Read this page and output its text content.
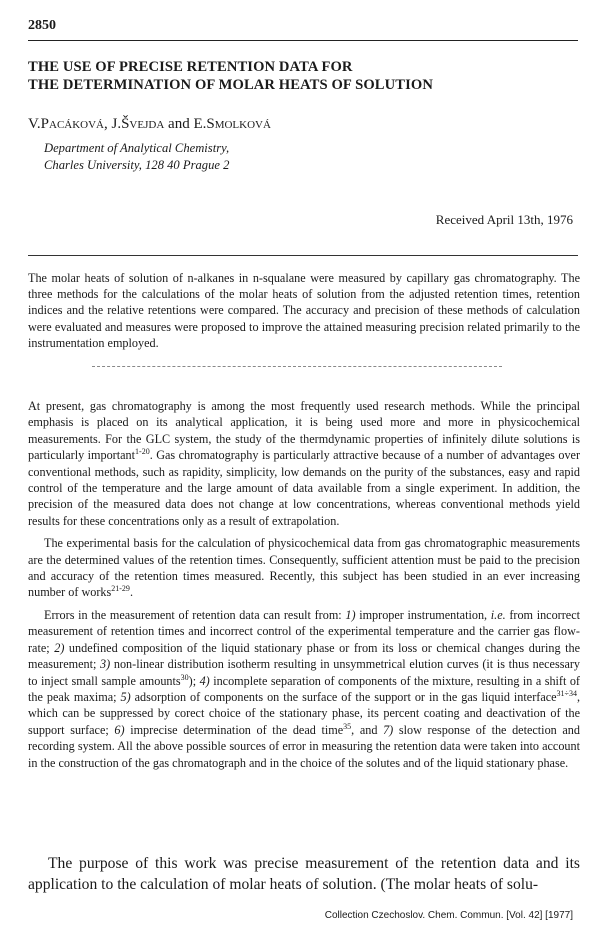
2850
THE USE OF PRECISE RETENTION DATA FOR
THE DETERMINATION OF MOLAR HEATS OF SOLUTION
V.Pacáková, J.Švejda and E.Smolková
Department of Analytical Chemistry,
Charles University, 128 40 Prague 2
Received April 13th, 1976
The molar heats of solution of n-alkanes in n-squalane were measured by capillary gas chromatography. The three methods for the calculations of the molar heats of solution from the adjusted retention times, retention indices and the relative retentions were compared. The accuracy and precision of these methods of calculation were evaluated and measures were proposed to improve the attained measuring precision related primarily to the instrumentation employed.

At present, gas chromatography is among the most frequently used research methods. While the principal emphasis is placed on its analytical application, it is being used more and more in physicochemical measurements. For the GLC system, the study of the thermdynamic properties of infinitely dilute solutions is particularly important$^{1-20}$. Gas chromatography is particularly attractive because of a number of advantages over conventional methods, such as rapidity, simplicity, low demands on the purity of the substances, easy and rapid control of the temperature and the large amount of data available from a single experiment. In addition, the precision of the measured data does not change at low concentrations, whereas conventional methods yield results for these concentrations only as a result of extrapolation.

The experimental basis for the calculation of physicochemical data from gas chromatographic measurements are the determined values of the retention times. Consequently, sufficient attention must be paid to the precision and accuracy of the retention times measured. Recently, this subject has been studied in an ever increasing number of works$^{21-29}$.

Errors in the measurement of retention data can result from: 1) improper instrumentation, i.e. from incorrect measurement of retention times and incorrect control of the experimental temperature and the carrier gas flow-rate; 2) undefined composition of the liquid stationary phase or from its loss or chemical changes during the measurement; 3) non-linear distribution isotherm resulting in unsymmetrical elution curves (it is thus necessary to inject small sample amounts$^{30}$); 4) incomplete separation of components of the mixture, resulting in a shift of the peak maxima; 5) adsorption of components on the surface of the support or in the gas liquid interface$^{31\div 34}$, which can be suppressed by corect choice of the stationary phase, its percent coating and deactivation of the support surface; 6) imprecise determination of the dead time$^{35}$, and 7) slow response of the detection and recording system. All the above possible sources of error in measuring the retention data were taken into account in the construction of the gas chromatograph and in the choice of the solutes and of the liquid stationary phase.

The purpose of this work was precise measurement of the retention data and its application to the calculation of molar heats of solution. (The molar heats of solu-
Collection Czechoslov. Chem. Commun. [Vol. 42] [1977]
